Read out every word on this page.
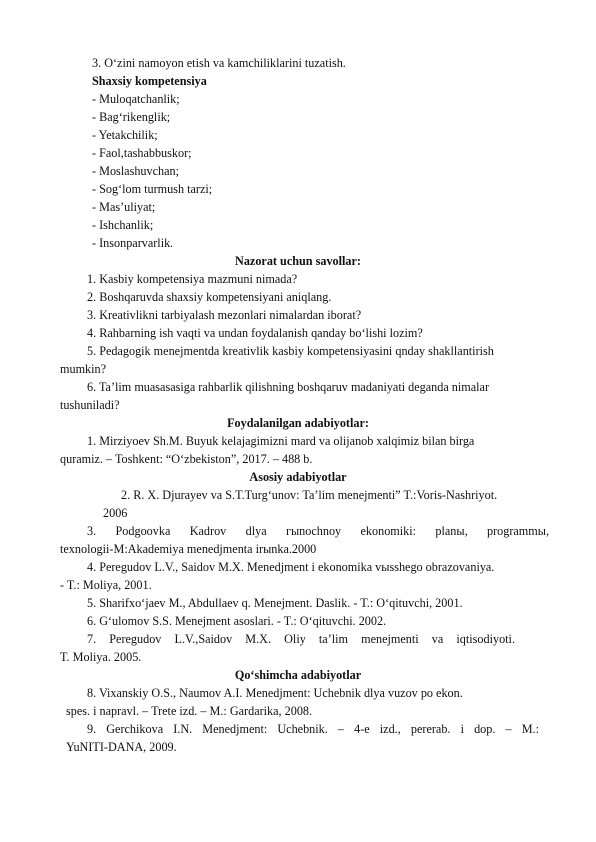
3. O‘zini namoyon etish va kamchiliklarini tuzatish.
Shaxsiy kompetensiya
- Muloqatchanlik;
- Bag‘rikenglik;
- Yetakchilik;
- Faol,tashabbuskor;
- Moslashuvchan;
- Sog‘lom turmush tarzi;
- Mas’uliyat;
- Ishchanlik;
- Insonparvarlik.
Nazorat uchun savollar:
1. Kasbiy kompetensiya mazmuni nimada?
2. Boshqaruvda shaxsiy kompetensiyani aniqlang.
3. Kreativlikni tarbiyalash mezonlari nimalardan iborat?
4. Rahbarning ish vaqti va undan foydalanish qanday bo‘lishi lozim?
5. Pedagogik menejmentda kreativlik kasbiy kompetensiyasini qnday shakllantirish
mumkin?
6. Ta’lim muasasasiga rahbarlik qilishning boshqaruv madaniyati deganda nimalar
tushuniladi?
Foydalanilgan adabiyotlar:
1. Mirziyoev Sh.M. Buyuk kelajagimizni mard va olijanob xalqimiz bilan birga
quramiz. – Toshkent: “O‘zbekiston”, 2017. – 488 b.
Asosiy adabiyotlar
2. R. X. Djurayev va S.T.Turg‘unov: Ta’lim menejmenti” T.:Voris-Nashriyot.
2006
3. Podgoovka Kadrov dlya гыnochnoy ekonomiki: planы, programmы,
texnologii-M:Akademiya menedjmenta irыnka.2000
4. Peregudov L.V., Saidov M.X. Menedjment i ekonomika vыsshego obrazovaniya.
- T.: Moliya, 2001.
5. Sharifxo‘jaev M., Abdullaev q. Menejment. Daslik. - T.: O‘qituvchi, 2001.
6. G‘ulomov S.S. Menejment asoslari. - T.: O‘qituvchi. 2002.
7. Peregudov L.V.,Saidov M.X. Oliy ta’lim menejmenti va iqtisodiyoti.
T. Moliya. 2005.
Qo‘shimcha adabiyotlar
8. Vixanskiy O.S., Naumov A.I. Menedjment: Uchebnik dlya vuzov po ekon.
spes. i napravl. – Trete izd. – M.: Gardarika, 2008.
9. Gerchikova I.N. Menedjment: Uchebnik. – 4-e izd., pererab. i dop. – M.:
YuNITI-DANA, 2009.
